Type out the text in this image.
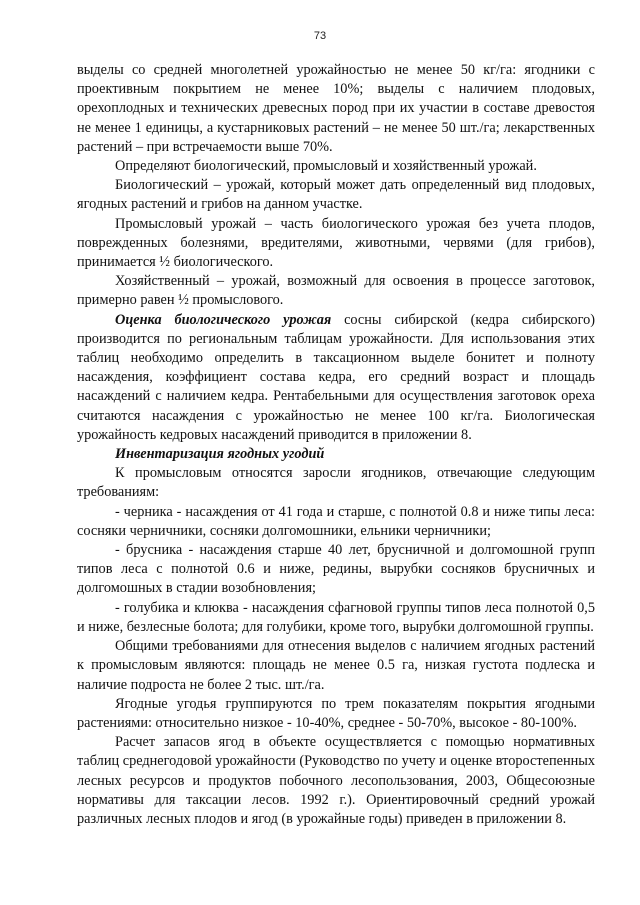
73

выделы со средней многолетней урожайностью не менее 50 кг/га: ягодники с проективным покрытием не менее 10%; выделы с наличием плодовых, орехоплодных и технических древесных пород при их участии в составе древостоя не менее 1 единицы, а кустарниковых растений – не менее 50 шт./га; лекарственных растений – при встречаемости выше 70%.

Определяют биологический, промысловый и хозяйственный урожай.

Биологический – урожай, который может дать определенный вид плодовых, ягодных растений и грибов на данном участке.

Промысловый урожай – часть биологического урожая без учета плодов, поврежденных болезнями, вредителями, животными, червями (для грибов), принимается ½ биологического.

Хозяйственный – урожай, возможный для освоения в процессе заготовок, примерно равен ½ промыслового.

Оценка биологического урожая сосны сибирской (кедра сибирского) производится по региональным таблицам урожайности. Для использования этих таблиц необходимо определить в таксационном выделе бонитет и полноту насаждения, коэффициент состава кедра, его средний возраст и площадь насаждений с наличием кедра. Рентабельными для осуществления заготовок ореха считаются насаждения с урожайностью не менее 100 кг/га. Биологическая урожайность кедровых насаждений приводится в приложении 8.

Инвентаризация ягодных угодий

К промысловым относятся заросли ягодников, отвечающие следующим требованиям:

- черника - насаждения от 41 года и старше, с полнотой 0.8 и ниже типы леса: сосняки черничники, сосняки долгомошники, ельники черничники;

- брусника - насаждения старше 40 лет, брусничной и долгомошной групп типов леса с полнотой 0.6 и ниже, редины, вырубки сосняков брусничных и долгомошных в стадии возобновления;

- голубика и клюква - насаждения сфагновой группы типов леса полнотой 0,5 и ниже, безлесные болота; для голубики, кроме того, вырубки долгомошной группы.

Общими требованиями для отнесения выделов с наличием ягодных растений к промысловым являются: площадь не менее 0.5 га, низкая густота подлеска и наличие подроста не более 2 тыс. шт./га.

Ягодные угодья группируются по трем показателям покрытия ягодными растениями: относительно низкое - 10-40%, среднее - 50-70%, высокое - 80-100%.

Расчет запасов ягод в объекте осуществляется с помощью нормативных таблиц среднегодовой урожайности (Руководство по учету и оценке второстепенных лесных ресурсов и продуктов побочного лесопользования, 2003, Общесоюзные нормативы для таксации лесов. 1992 г.). Ориентировочный средний урожай различных лесных плодов и ягод (в урожайные годы) приведен в приложении 8.
